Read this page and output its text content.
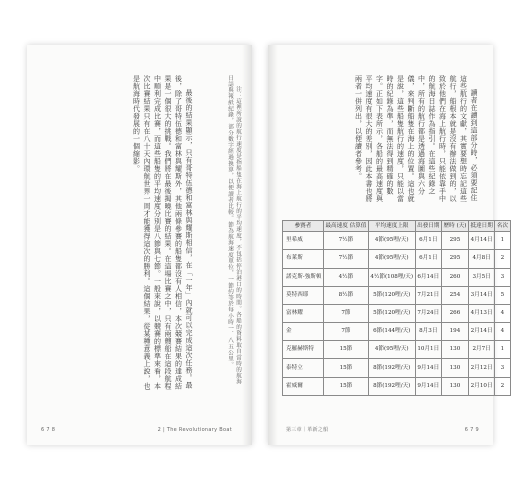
注：這裡所說的航行速度是指船隻在海上航行的平均速度，不包括停泊港口的時間。各船的資料取自當時的航海日誌與報紙紀錄，部分數字經過換算，以便讀者比較。節為航海速度單位，一節約等於每小時一．八五公里。

最後的結果顯示，只有哥特伍德和富林與耀斯相信，在「一年」內就可以完成這次任務。最後，除了哥特伍德和富林與耀斯外，其他兩條參賽的船隻都沒有人相信，本次競賽結果的達成結果是一個很大的挑戰。我們將在最後揭曉比賽的結果。在這場比賽之中，只有兩艘船在這段航程中順利完成比賽，而這些船隻的平均速度分別是八節與七節。一般來說，以競賽的標準來看，本次比賽結果只有在八十天內環航世界一周才能獲得這次的勝利。這個結果，從某種意義上說，也是航海時代發展的一個縮影。

6 7 8	2 | The Revolutionary Boat

讀者在讀到這部分時，必須要記住這些航行的文獻，其實要想時忘記這些航行，船根本就是沒有辦法做到的，以致於他們在海上航行時，只能依靠手中的航海日誌作為指引。在這些紀錄之中，所有的航行都是透過海圖與六分儀，來判斷船隻在海上的位置。這也就是說，這些船隻航行的速度，只能以當時的紀錄為準，而無法得到精確的數字。正如下表所示，各船的最高速度與平均速度有很大的差別，因此本書也將兩者一併列出，以便讀者參考。

參賽者	最高速度 估算值	平均速度上限	出發日期	歷時 (天)	抵達日期	名次
里希威	7½節	4節(95哩/天)	6月1日	295	4月14日	1
布萊斯	7½節	4節(95哩/天)	6月1日	295	4月8日	2
諾克斯-強斯頓	4½節	4½節(108哩/天)	6月14日	260	3月5日	3
莫特西耶	8½節	5節(120哩/天)	7月21日	254	3月14日	5
富林耀	7節	5節(120哩/天)	7月24日	266	4月13日	4
金	7節	6節(144哩/天)	8月3日	194	2月14日	4
克羅赫斯特	15節	4節(95哩/天)	10月1日	130	2月7日	1
泰特立	15節	8節(192哩/天)	9月14日	130	2月12日	3
霍威爾	15節	8節(192哩/天)	9月14日	130	2月10日	2
第三章｜革新之船	6 7 9
